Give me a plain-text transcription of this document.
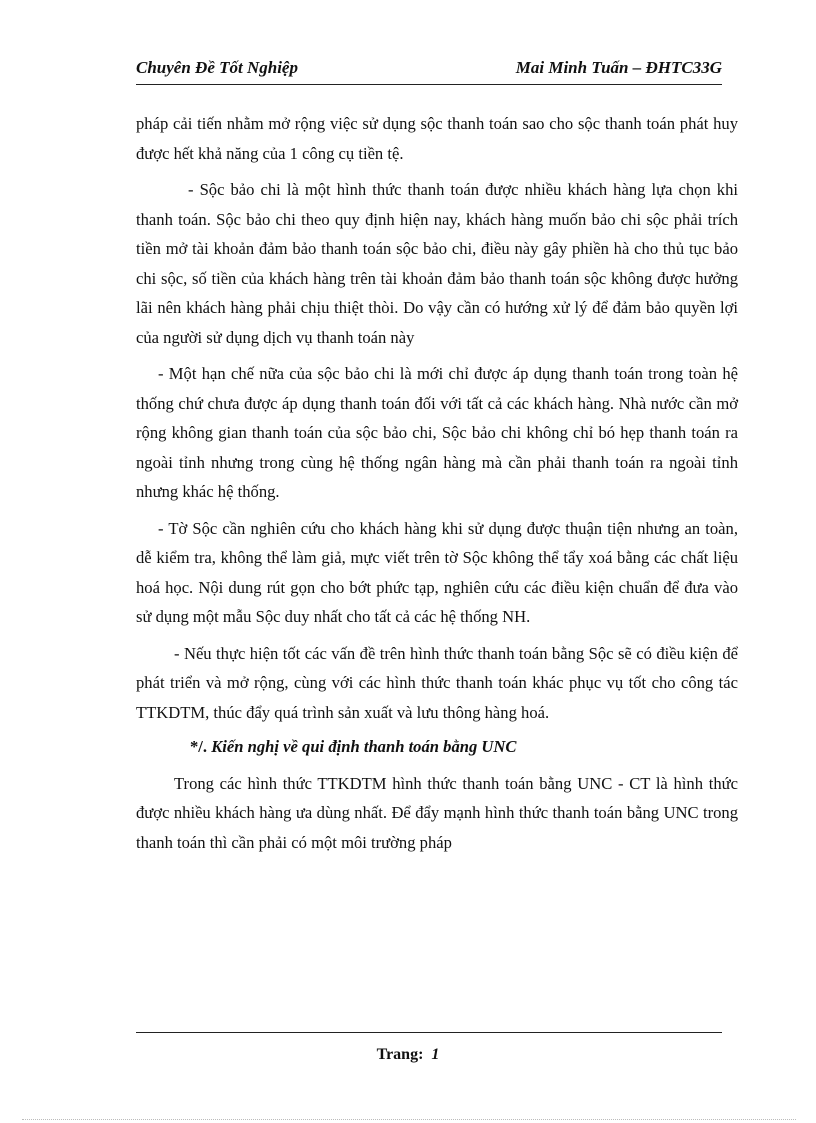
Chuyên Đề Tốt Nghiệp	Mai Minh Tuấn – ĐHTC33G

pháp cải tiến nhằm mở rộng việc sử dụng sộc thanh toán sao cho sộc thanh toán phát huy được hết khả năng của 1 công cụ tiền tệ.

- Sộc bảo chi là một hình thức thanh toán được nhiều khách hàng lựa chọn khi thanh toán. Sộc bảo chi theo quy định hiện nay, khách hàng muốn bảo chi sộc phải trích tiền mở tài khoản đảm bảo thanh toán sộc bảo chi, điều này gây phiền hà cho thủ tục bảo chi sộc, số tiền của khách hàng trên tài khoản đảm bảo thanh toán sộc không được hưởng lãi nên khách hàng phải chịu thiệt thòi. Do vậy cần có hướng xử lý để đảm bảo quyền lợi của người sử dụng dịch vụ thanh toán này

- Một hạn chế nữa của sộc bảo chi là mới chỉ được áp dụng thanh toán trong toàn hệ thống chứ chưa được áp dụng thanh toán đối với tất cả các khách hàng. Nhà nước cần mở rộng không gian thanh toán của sộc bảo chi, Sộc bảo chi không chỉ bó hẹp thanh toán ra ngoài tỉnh nhưng trong cùng hệ thống ngân hàng mà cần phải thanh toán ra ngoài tỉnh nhưng khác hệ thống.

- Tờ Sộc cần nghiên cứu cho khách hàng khi sử dụng được thuận tiện nhưng an toàn, dễ kiểm tra, không thể làm giả, mực viết trên tờ Sộc không thể tẩy xoá bằng các chất liệu hoá học. Nội dung rút gọn cho bớt phức tạp, nghiên cứu các điều kiện chuẩn để đưa vào sử dụng một mẫu Sộc duy nhất cho tất cả các hệ thống NH.

- Nếu thực hiện tốt các vấn đề trên hình thức thanh toán bằng Sộc sẽ có điều kiện để phát triển và mở rộng, cùng với các hình thức thanh toán khác phục vụ tốt cho công tác TTKDTM, thúc đẩy quá trình sản xuất và lưu thông hàng hoá.

*/. Kiến nghị về qui định thanh toán bằng UNC

Trong các hình thức TTKDTM hình thức thanh toán bằng UNC - CT là hình thức được nhiều khách hàng ưa dùng nhất. Để đẩy mạnh hình thức thanh toán bằng UNC trong thanh toán thì cần phải có một môi trường pháp

Trang: 1
